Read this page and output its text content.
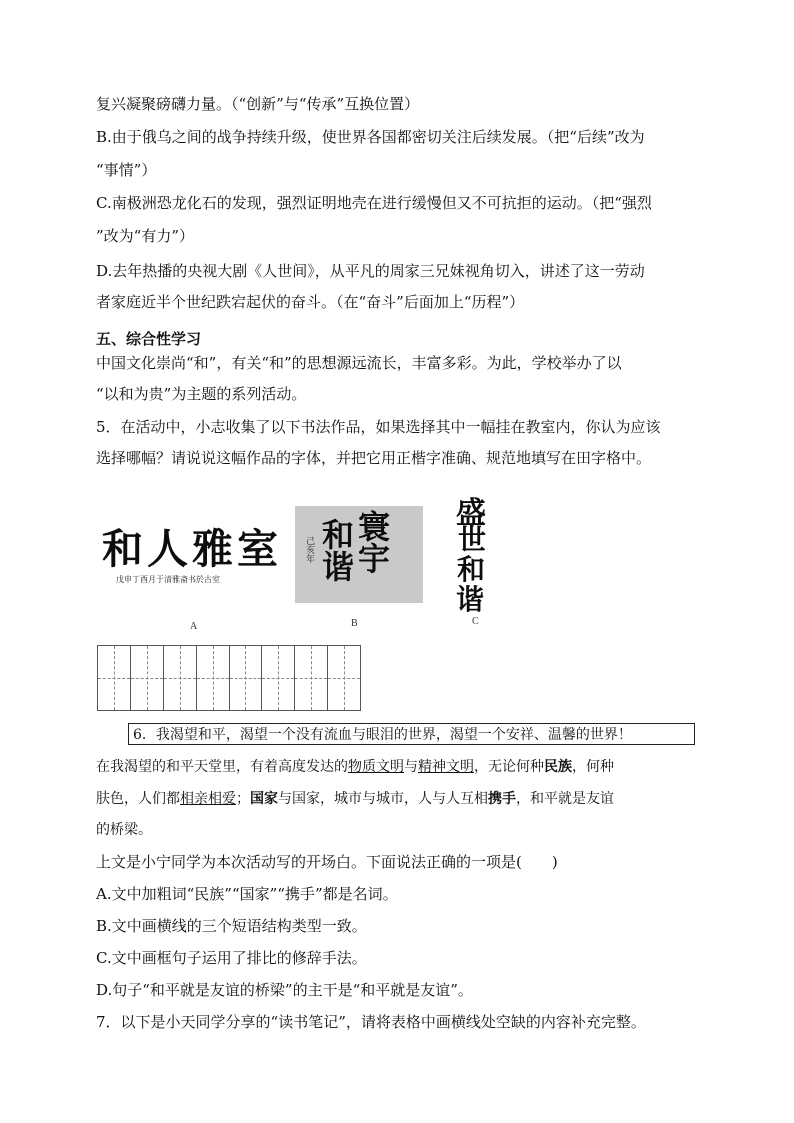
复兴凝聚磅礴力量。（“创新”与“传承”互换位置）
B.由于俄乌之间的战争持续升级，使世界各国都密切关注后续发展。（把“后续”改为
“事情”）
C.南极洲恐龙化石的发现，强烈证明地壳在进行缓慢但又不可抗拒的运动。（把“强烈
”改为“有力”）
D.去年热播的央视大剧《人世间》，从平凡的周家三兄妹视角切入，讲述了这一劳动
者家庭近半个世纪跌宕起伏的奋斗。（在“奋斗”后面加上“历程”）
五、综合性学习
中国文化崇尚“和”，有关“和”的思想源远流长，丰富多彩。为此，学校举办了以
“以和为贵”为主题的系列活动。
5．在活动中，小志收集了以下书法作品，如果选择其中一幅挂在教室内，你认为应该
选择哪幅？请说说这幅作品的字体，并把它用正楷字准确、规范地填写在田字格中。
和人雅室
戊申丁酉月于清雅斋书於古室
A
寰宇
和谐
己亥年
B
盛
世
和
谐
C
6．我渴望和平，渴望一个没有流血与眼泪的世界，渴望一个安祥、温馨的世界！
在我渴望的和平天堂里，有着高度发达的物质文明与精神文明，无论何种民族，何种
肤色，人们都相亲相爱；国家与国家，城市与城市，人与人互相携手，和平就是友谊
的桥梁。
上文是小宁同学为本次活动写的开场白。下面说法正确的一项是(　　)
A.文中加粗词“民族”“国家”“携手”都是名词。
B.文中画横线的三个短语结构类型一致。
C.文中画框句子运用了排比的修辞手法。
D.句子“和平就是友谊的桥梁”的主干是“和平就是友谊”。
7．以下是小天同学分享的“读书笔记”，请将表格中画横线处空缺的内容补充完整。
